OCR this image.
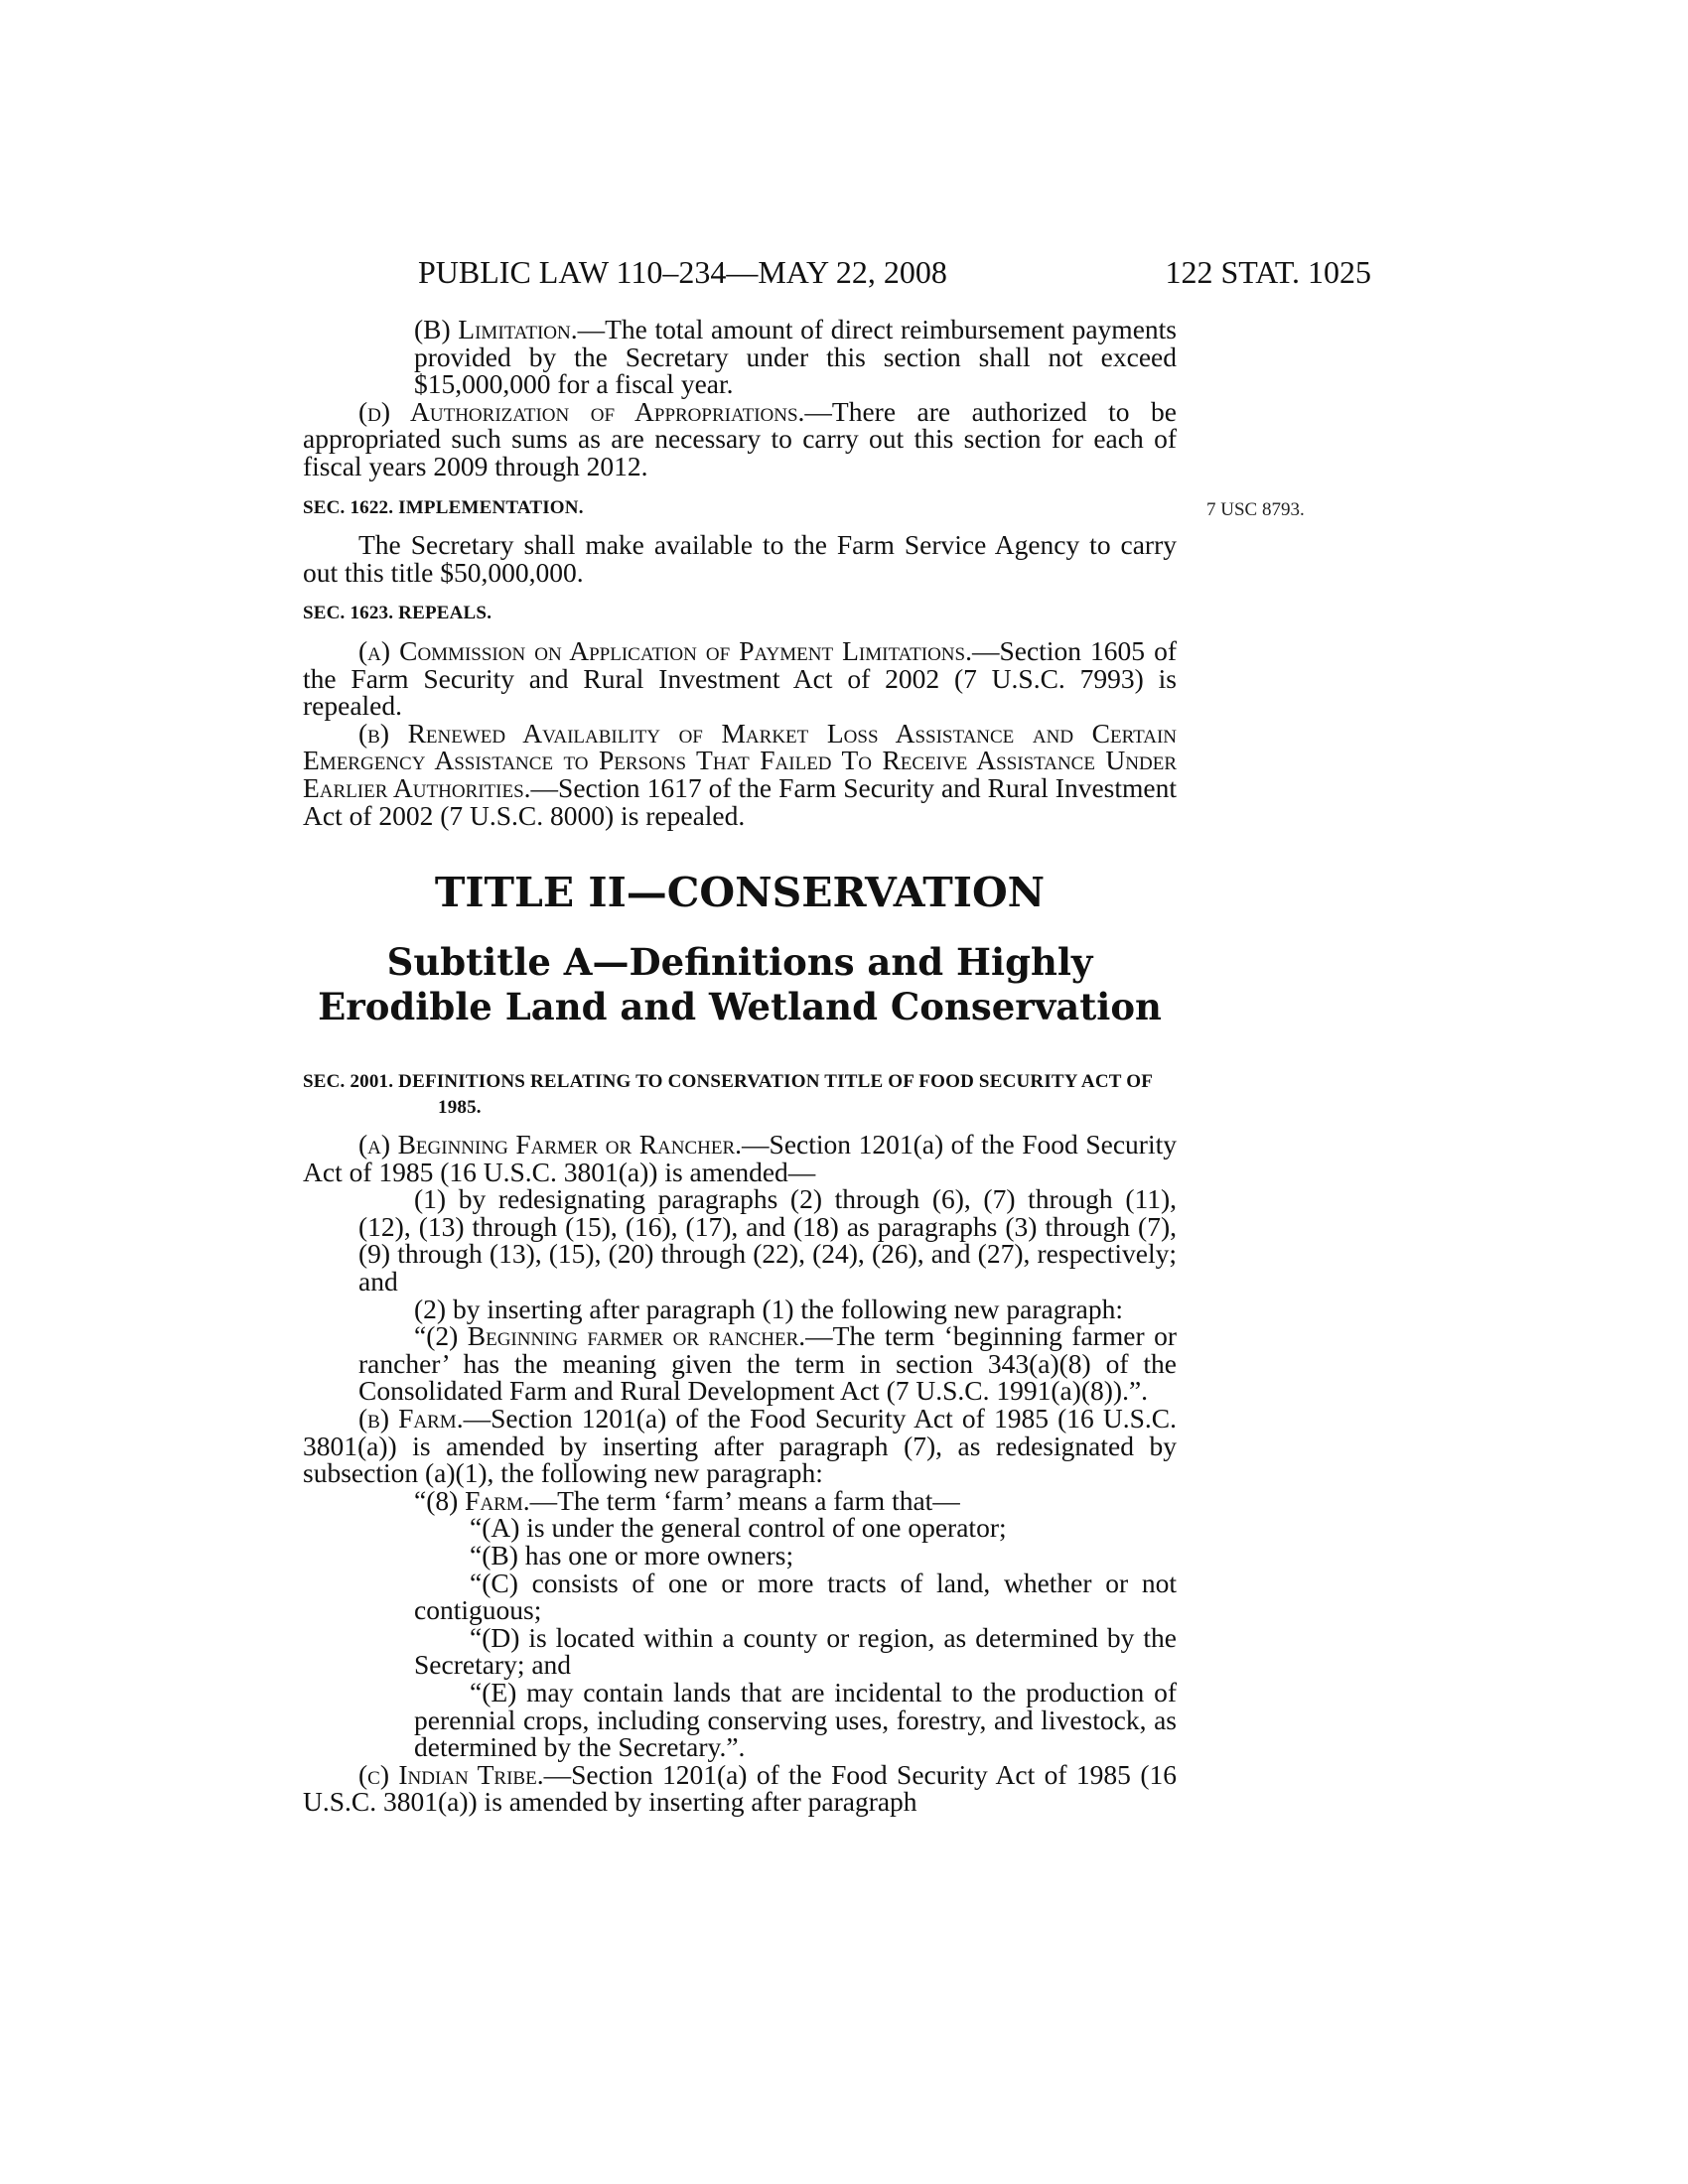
PUBLIC LAW 110–234—MAY 22, 2008	122 STAT. 1025
7 USC 8793.

(B) Limitation.—The total amount of direct reimbursement payments provided by the Secretary under this section shall not exceed $15,000,000 for a fiscal year.

(d) Authorization of Appropriations.—There are authorized to be appropriated such sums as are necessary to carry out this section for each of fiscal years 2009 through 2012.

SEC. 1622. IMPLEMENTATION.

The Secretary shall make available to the Farm Service Agency to carry out this title $50,000,000.

SEC. 1623. REPEALS.

(a) Commission on Application of Payment Limitations.—Section 1605 of the Farm Security and Rural Investment Act of 2002 (7 U.S.C. 7993) is repealed.

(b) Renewed Availability of Market Loss Assistance and Certain Emergency Assistance to Persons That Failed To Receive Assistance Under Earlier Authorities.—Section 1617 of the Farm Security and Rural Investment Act of 2002 (7 U.S.C. 8000) is repealed.

TITLE II—CONSERVATION
Subtitle A—Definitions and Highly
Erodible Land and Wetland Conservation
SEC. 2001. DEFINITIONS RELATING TO CONSERVATION TITLE OF FOOD SECURITY ACT OF 1985.

(a) Beginning Farmer or Rancher.—Section 1201(a) of the Food Security Act of 1985 (16 U.S.C. 3801(a)) is amended—

(1) by redesignating paragraphs (2) through (6), (7) through (11), (12), (13) through (15), (16), (17), and (18) as paragraphs (3) through (7), (9) through (13), (15), (20) through (22), (24), (26), and (27), respectively; and

(2) by inserting after paragraph (1) the following new paragraph:

“(2) Beginning farmer or rancher.—The term ‘beginning farmer or rancher’ has the meaning given the term in section 343(a)(8) of the Consolidated Farm and Rural Development Act (7 U.S.C. 1991(a)(8)).”.

(b) Farm.—Section 1201(a) of the Food Security Act of 1985 (16 U.S.C. 3801(a)) is amended by inserting after paragraph (7), as redesignated by subsection (a)(1), the following new paragraph:

“(8) Farm.—The term ‘farm’ means a farm that—

“(A) is under the general control of one operator;

“(B) has one or more owners;

“(C) consists of one or more tracts of land, whether or not contiguous;

“(D) is located within a county or region, as determined by the Secretary; and

“(E) may contain lands that are incidental to the production of perennial crops, including conserving uses, forestry, and livestock, as determined by the Secretary.”.

(c) Indian Tribe.—Section 1201(a) of the Food Security Act of 1985 (16 U.S.C. 3801(a)) is amended by inserting after paragraph
